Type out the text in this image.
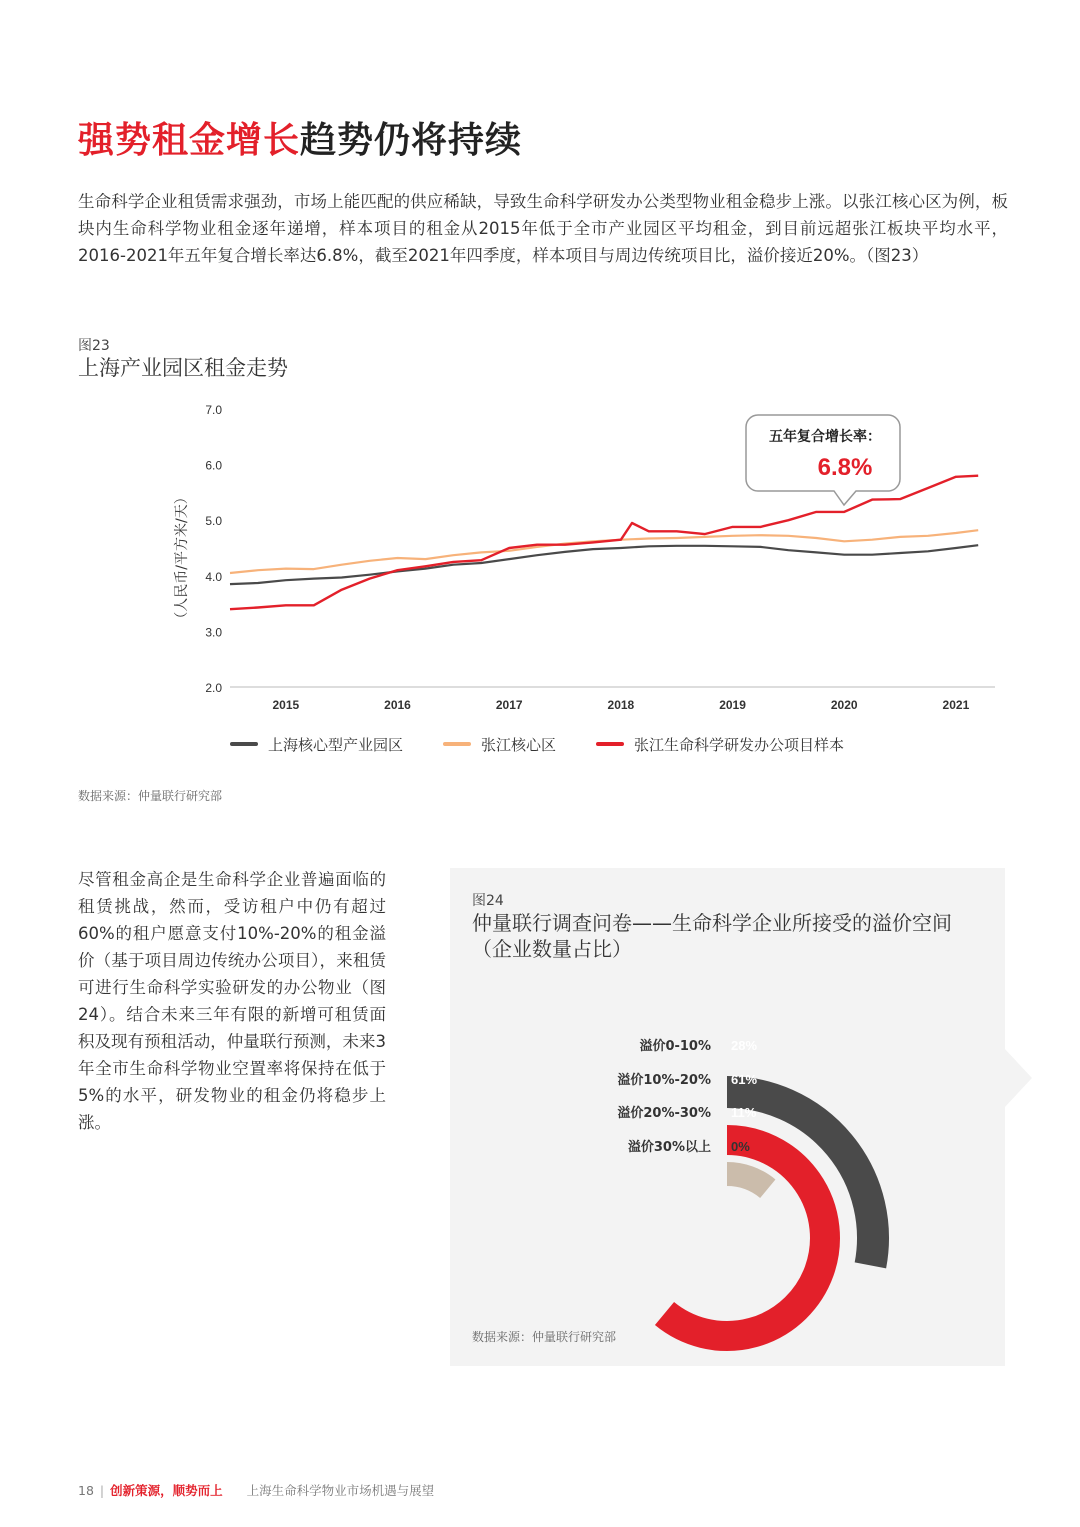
强势租金增长趋势仍将持续

生命科学企业租赁需求强劲，市场上能匹配的供应稀缺，导致生命科学研发办公类型物业租金稳步上涨。以张江核心区为例，板块内生命科学物业租金逐年递增，样本项目的租金从2015年低于全市产业园区平均租金，到目前远超张江板块平均水平，2016-2021年五年复合增长率达6.8%，截至2021年四季度，样本项目与周边传统项目比，溢价接近20%。（图23）

图23
上海产业园区租金走势
2.0
3.0
4.0
5.0
6.0
7.0
2015	2016	2017	2018	2019	2020	2021
（人民币/平方米/天）
五年复合增长率：
6.8%
上海核心型产业园区	张江核心区	张江生命科学研发办公项目样本
数据来源：仲量联行研究部

尽管租金高企是生命科学企业普遍面临的租赁挑战，然而，受访租户中仍有超过60%的租户愿意支付10%-20%的租金溢价（基于项目周边传统办公项目），来租赁可进行生命科学实验研发的办公物业（图24）。结合未来三年有限的新增可租赁面积及现有预租活动，仲量联行预测，未来3年全市生命科学物业空置率将保持在低于5%的水平，研发物业的租金仍将稳步上涨。

图24
仲量联行调查问卷——生命科学企业所接受的溢价空间（企业数量占比）
溢价0-10% 28%
溢价10%-20% 61%
溢价20%-30% 11%
溢价30%以上 0%
数据来源：仲量联行研究部
18 | 创新策源，顺势而上 上海生命科学物业市场机遇与展望
